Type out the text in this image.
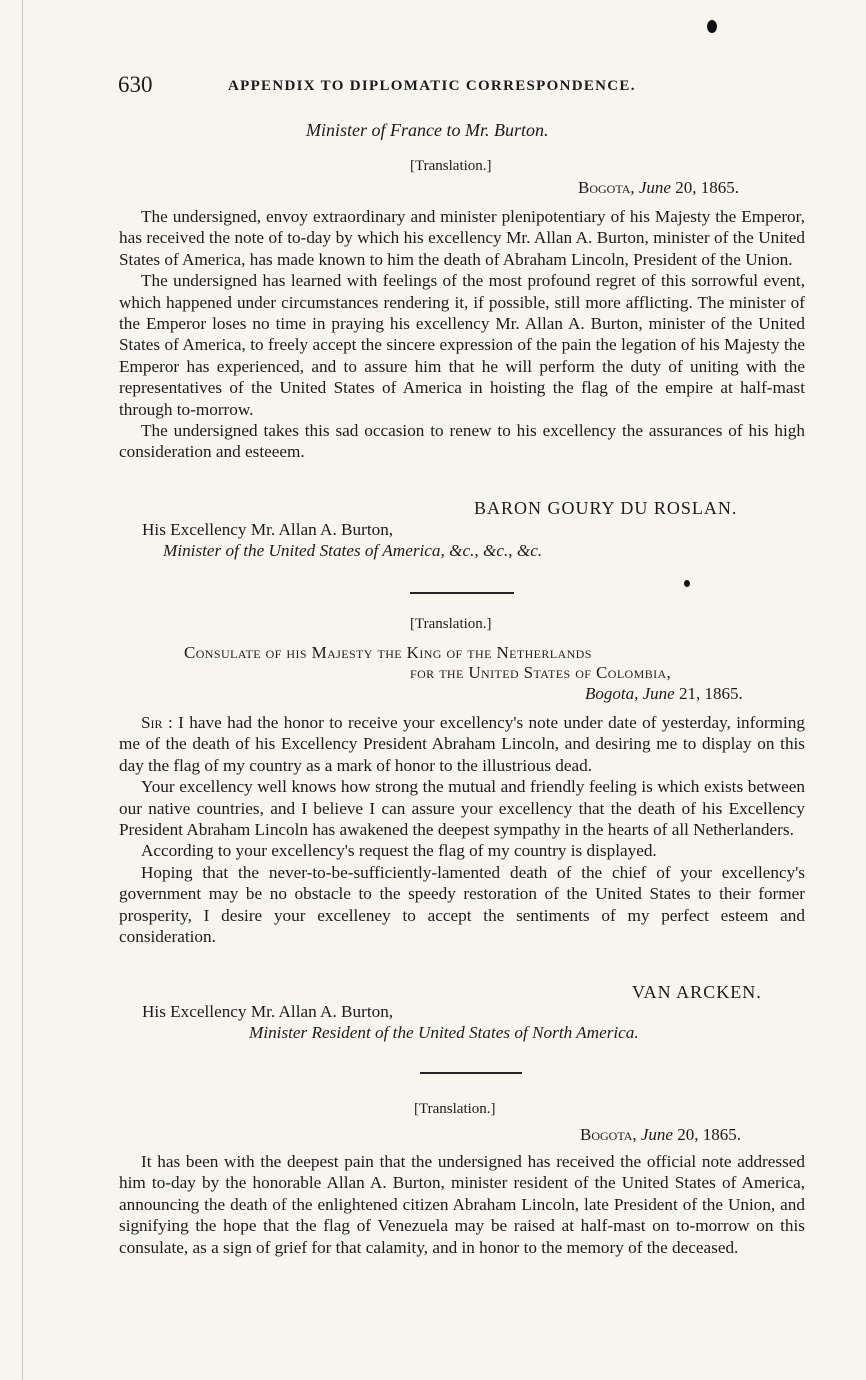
630	APPENDIX TO DIPLOMATIC CORRESPONDENCE.
Minister of France to Mr. Burton.
[Translation.]
Bogota, June 20, 1865.

The undersigned, envoy extraordinary and minister plenipotentiary of his Majesty the Emperor, has received the note of to-day by which his excellency Mr. Allan A. Burton, minister of the United States of America, has made known to him the death of Abraham Lincoln, President of the Union.

The undersigned has learned with feelings of the most profound regret of this sorrowful event, which happened under circumstances rendering it, if possible, still more afflicting. The minister of the Emperor loses no time in praying his excellency Mr. Allan A. Burton, minister of the United States of America, to freely accept the sincere expression of the pain the legation of his Majesty the Emperor has experienced, and to assure him that he will perform the duty of uniting with the representatives of the United States of America in hoisting the flag of the empire at half-mast through to-morrow.

The undersigned takes this sad occasion to renew to his excellency the assurances of his high consideration and esteeem.

BARON GOURY DU ROSLAN.
His Excellency Mr. Allan A. Burton,
Minister of the United States of America, &c., &c., &c.
[Translation.]
Consulate of his Majesty the King of the Netherlands
for the United States of Colombia,
Bogota, June 21, 1865.

Sir : I have had the honor to receive your excellency's note under date of yesterday, informing me of the death of his Excellency President Abraham Lincoln, and desiring me to display on this day the flag of my country as a mark of honor to the illustrious dead.

Your excellency well knows how strong the mutual and friendly feeling is which exists between our native countries, and I believe I can assure your excellency that the death of his Excellency President Abraham Lincoln has awakened the deepest sympathy in the hearts of all Netherlanders.

According to your excellency's request the flag of my country is displayed.

Hoping that the never-to-be-sufficiently-lamented death of the chief of your excellency's government may be no obstacle to the speedy restoration of the United States to their former prosperity, I desire your excelleney to accept the sentiments of my perfect esteem and consideration.

VAN ARCKEN.
His Excellency Mr. Allan A. Burton,
Minister Resident of the United States of North America.
[Translation.]
Bogota, June 20, 1865.

It has been with the deepest pain that the undersigned has received the official note addressed him to-day by the honorable Allan A. Burton, minister resident of the United States of America, announcing the death of the enlightened citizen Abraham Lincoln, late President of the Union, and signifying the hope that the flag of Venezuela may be raised at half-mast on to-morrow on this consulate, as a sign of grief for that calamity, and in honor to the memory of the deceased.
